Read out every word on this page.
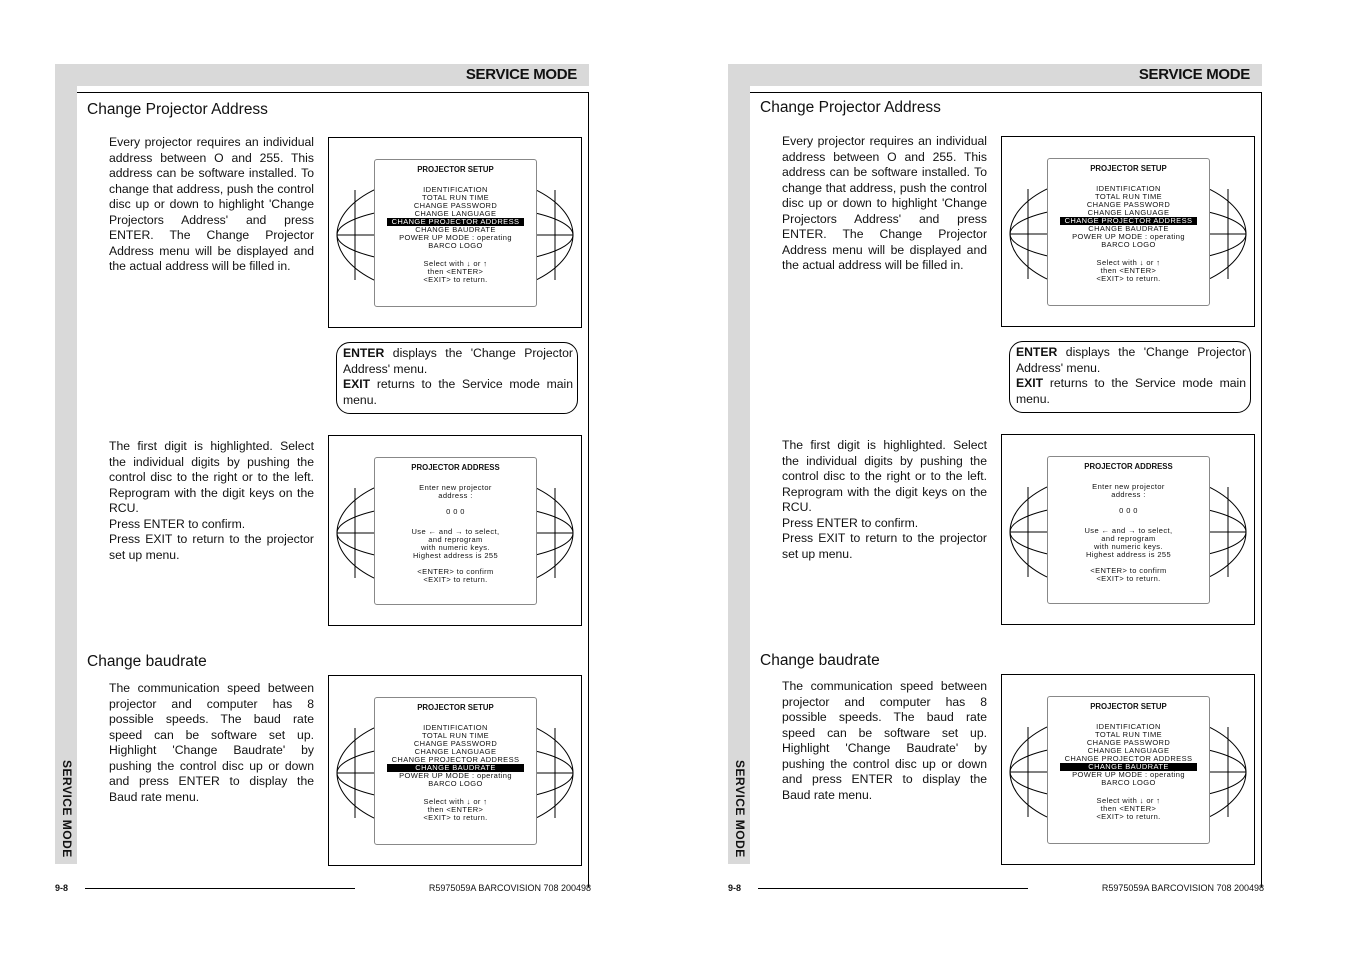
SERVICE MODE
SERVICE MODE
Change Projector Address

Every projector requires an individual address between O and 255. This address can be software installed. To change that address, push the control disc up or down to highlight 'Change Projectors Address' and press ENTER. The Change Projector Address menu will be displayed and the actual address will be filled in.

PROJECTOR SETUP
IDENTIFICATION
TOTAL RUN TIME
CHANGE PASSWORD
CHANGE LANGUAGE
CHANGE PROJECTOR ADDRESS
CHANGE BAUDRATE
POWER UP MODE : operating
BARCO LOGO
Select with ↓ or ↑
then <ENTER>
<EXIT> to return.

ENTER displays the 'Change Projector Address' menu.

EXIT returns to the Service mode main menu.

The first digit is highlighted. Select the individual digits by pushing the control disc to the right or to the left. Reprogram with the digit keys on the RCU.

Press ENTER to confirm.

Press EXIT to return to the projector set up menu.

PROJECTOR ADDRESS
Enter new projector
address :
0 0 0
Use ← and → to select,
and reprogram
with numeric keys.
Highest address is 255
<ENTER> to confirm
<EXIT> to return.
Change baudrate

The communication speed between projector and computer has 8 possible speeds. The baud rate speed can be software set up. Highlight 'Change Baudrate' by pushing the control disc up or down and press ENTER to display the Baud rate menu.

PROJECTOR SETUP
IDENTIFICATION
TOTAL RUN TIME
CHANGE PASSWORD
CHANGE LANGUAGE
CHANGE PROJECTOR ADDRESS
CHANGE BAUDRATE
POWER UP MODE : operating
BARCO LOGO
Select with ↓ or ↑
then <ENTER>
<EXIT> to return.
9-8	R5975059A BARCOVISION 708 200498
SERVICE MODE
SERVICE MODE
Change Projector Address

Every projector requires an individual address between O and 255. This address can be software installed. To change that address, push the control disc up or down to highlight 'Change Projectors Address' and press ENTER. The Change Projector Address menu will be displayed and the actual address will be filled in.

PROJECTOR SETUP
IDENTIFICATION
TOTAL RUN TIME
CHANGE PASSWORD
CHANGE LANGUAGE
CHANGE PROJECTOR ADDRESS
CHANGE BAUDRATE
POWER UP MODE : operating
BARCO LOGO
Select with ↓ or ↑
then <ENTER>
<EXIT> to return.

ENTER displays the 'Change Projector Address' menu.

EXIT returns to the Service mode main menu.

The first digit is highlighted. Select the individual digits by pushing the control disc to the right or to the left. Reprogram with the digit keys on the RCU.

Press ENTER to confirm.

Press EXIT to return to the projector set up menu.

PROJECTOR ADDRESS
Enter new projector
address :
0 0 0
Use ← and → to select,
and reprogram
with numeric keys.
Highest address is 255
<ENTER> to confirm
<EXIT> to return.
Change baudrate

The communication speed between projector and computer has 8 possible speeds. The baud rate speed can be software set up. Highlight 'Change Baudrate' by pushing the control disc up or down and press ENTER to display the Baud rate menu.

PROJECTOR SETUP
IDENTIFICATION
TOTAL RUN TIME
CHANGE PASSWORD
CHANGE LANGUAGE
CHANGE PROJECTOR ADDRESS
CHANGE BAUDRATE
POWER UP MODE : operating
BARCO LOGO
Select with ↓ or ↑
then <ENTER>
<EXIT> to return.
9-8	R5975059A BARCOVISION 708 200498
